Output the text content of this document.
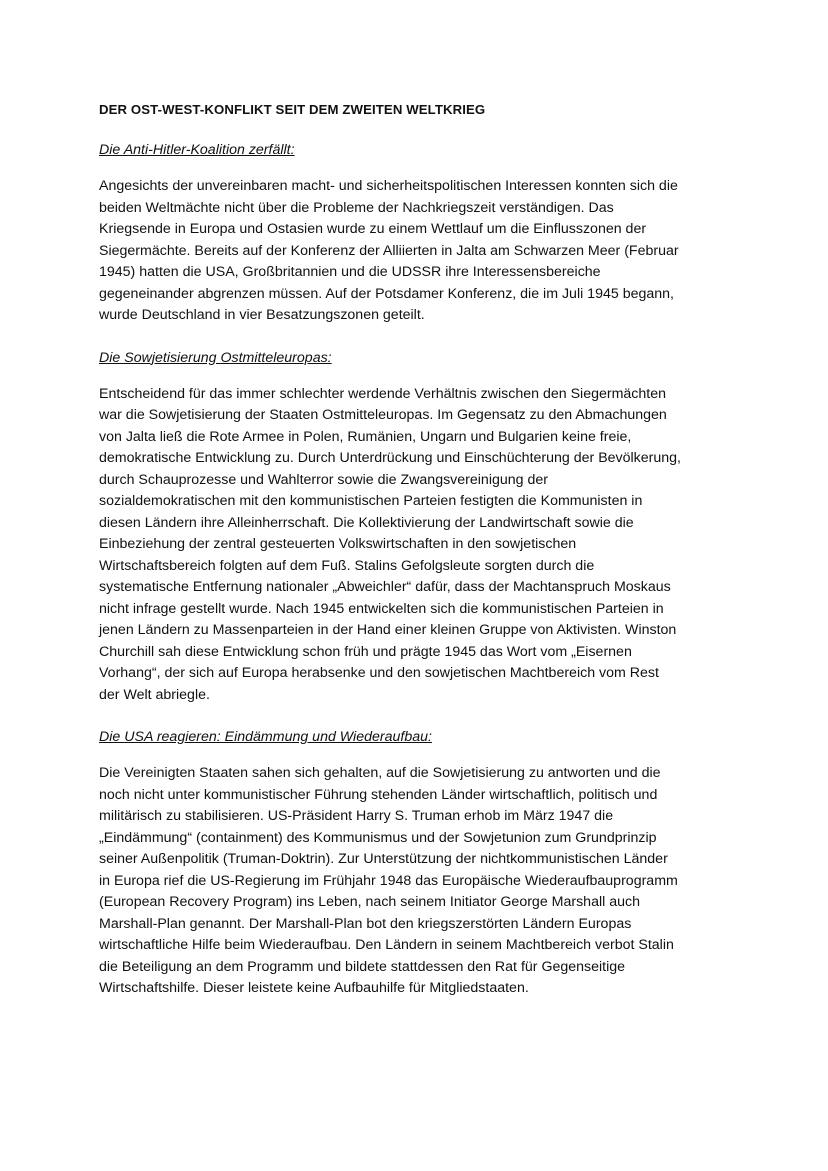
DER OST-WEST-KONFLIKT SEIT DEM ZWEITEN WELTKRIEG
Die Anti-Hitler-Koalition zerfällt:

Angesichts der unvereinbaren macht- und sicherheitspolitischen Interessen konnten sich die
beiden Weltmächte nicht über die Probleme der Nachkriegszeit verständigen. Das
Kriegsende in Europa und Ostasien wurde zu einem Wettlauf um die Einflusszonen der
Siegermächte. Bereits auf der Konferenz der Alliierten in Jalta am Schwarzen Meer (Februar
1945) hatten die USA, Großbritannien und die UDSSR ihre Interessensbereiche
gegeneinander abgrenzen müssen. Auf der Potsdamer Konferenz, die im Juli 1945 begann,
wurde Deutschland in vier Besatzungszonen geteilt.

Die Sowjetisierung Ostmitteleuropas:

Entscheidend für das immer schlechter werdende Verhältnis zwischen den Siegermächten
war die Sowjetisierung der Staaten Ostmitteleuropas. Im Gegensatz zu den Abmachungen
von Jalta ließ die Rote Armee in Polen, Rumänien, Ungarn und Bulgarien keine freie,
demokratische Entwicklung zu. Durch Unterdrückung und Einschüchterung der Bevölkerung,
durch Schauprozesse und Wahlterror sowie die Zwangsvereinigung der
sozialdemokratischen mit den kommunistischen Parteien festigten die Kommunisten in
diesen Ländern ihre Alleinherrschaft. Die Kollektivierung der Landwirtschaft sowie die
Einbeziehung der zentral gesteuerten Volkswirtschaften in den sowjetischen
Wirtschaftsbereich folgten auf dem Fuß. Stalins Gefolgsleute sorgten durch die
systematische Entfernung nationaler „Abweichler“ dafür, dass der Machtanspruch Moskaus
nicht infrage gestellt wurde. Nach 1945 entwickelten sich die kommunistischen Parteien in
jenen Ländern zu Massenparteien in der Hand einer kleinen Gruppe von Aktivisten. Winston
Churchill sah diese Entwicklung schon früh und prägte 1945 das Wort vom „Eisernen
Vorhang“, der sich auf Europa herabsenke und den sowjetischen Machtbereich vom Rest
der Welt abriegle.

Die USA reagieren: Eindämmung und Wiederaufbau:

Die Vereinigten Staaten sahen sich gehalten, auf die Sowjetisierung zu antworten und die
noch nicht unter kommunistischer Führung stehenden Länder wirtschaftlich, politisch und
militärisch zu stabilisieren. US-Präsident Harry S. Truman erhob im März 1947 die
„Eindämmung“ (containment) des Kommunismus und der Sowjetunion zum Grundprinzip
seiner Außenpolitik (Truman-Doktrin). Zur Unterstützung der nichtkommunistischen Länder
in Europa rief die US-Regierung im Frühjahr 1948 das Europäische Wiederaufbauprogramm
(European Recovery Program) ins Leben, nach seinem Initiator George Marshall auch
Marshall-Plan genannt. Der Marshall-Plan bot den kriegszerstörten Ländern Europas
wirtschaftliche Hilfe beim Wiederaufbau. Den Ländern in seinem Machtbereich verbot Stalin
die Beteiligung an dem Programm und bildete stattdessen den Rat für Gegenseitige
Wirtschaftshilfe. Dieser leistete keine Aufbauhilfe für Mitgliedstaaten.
